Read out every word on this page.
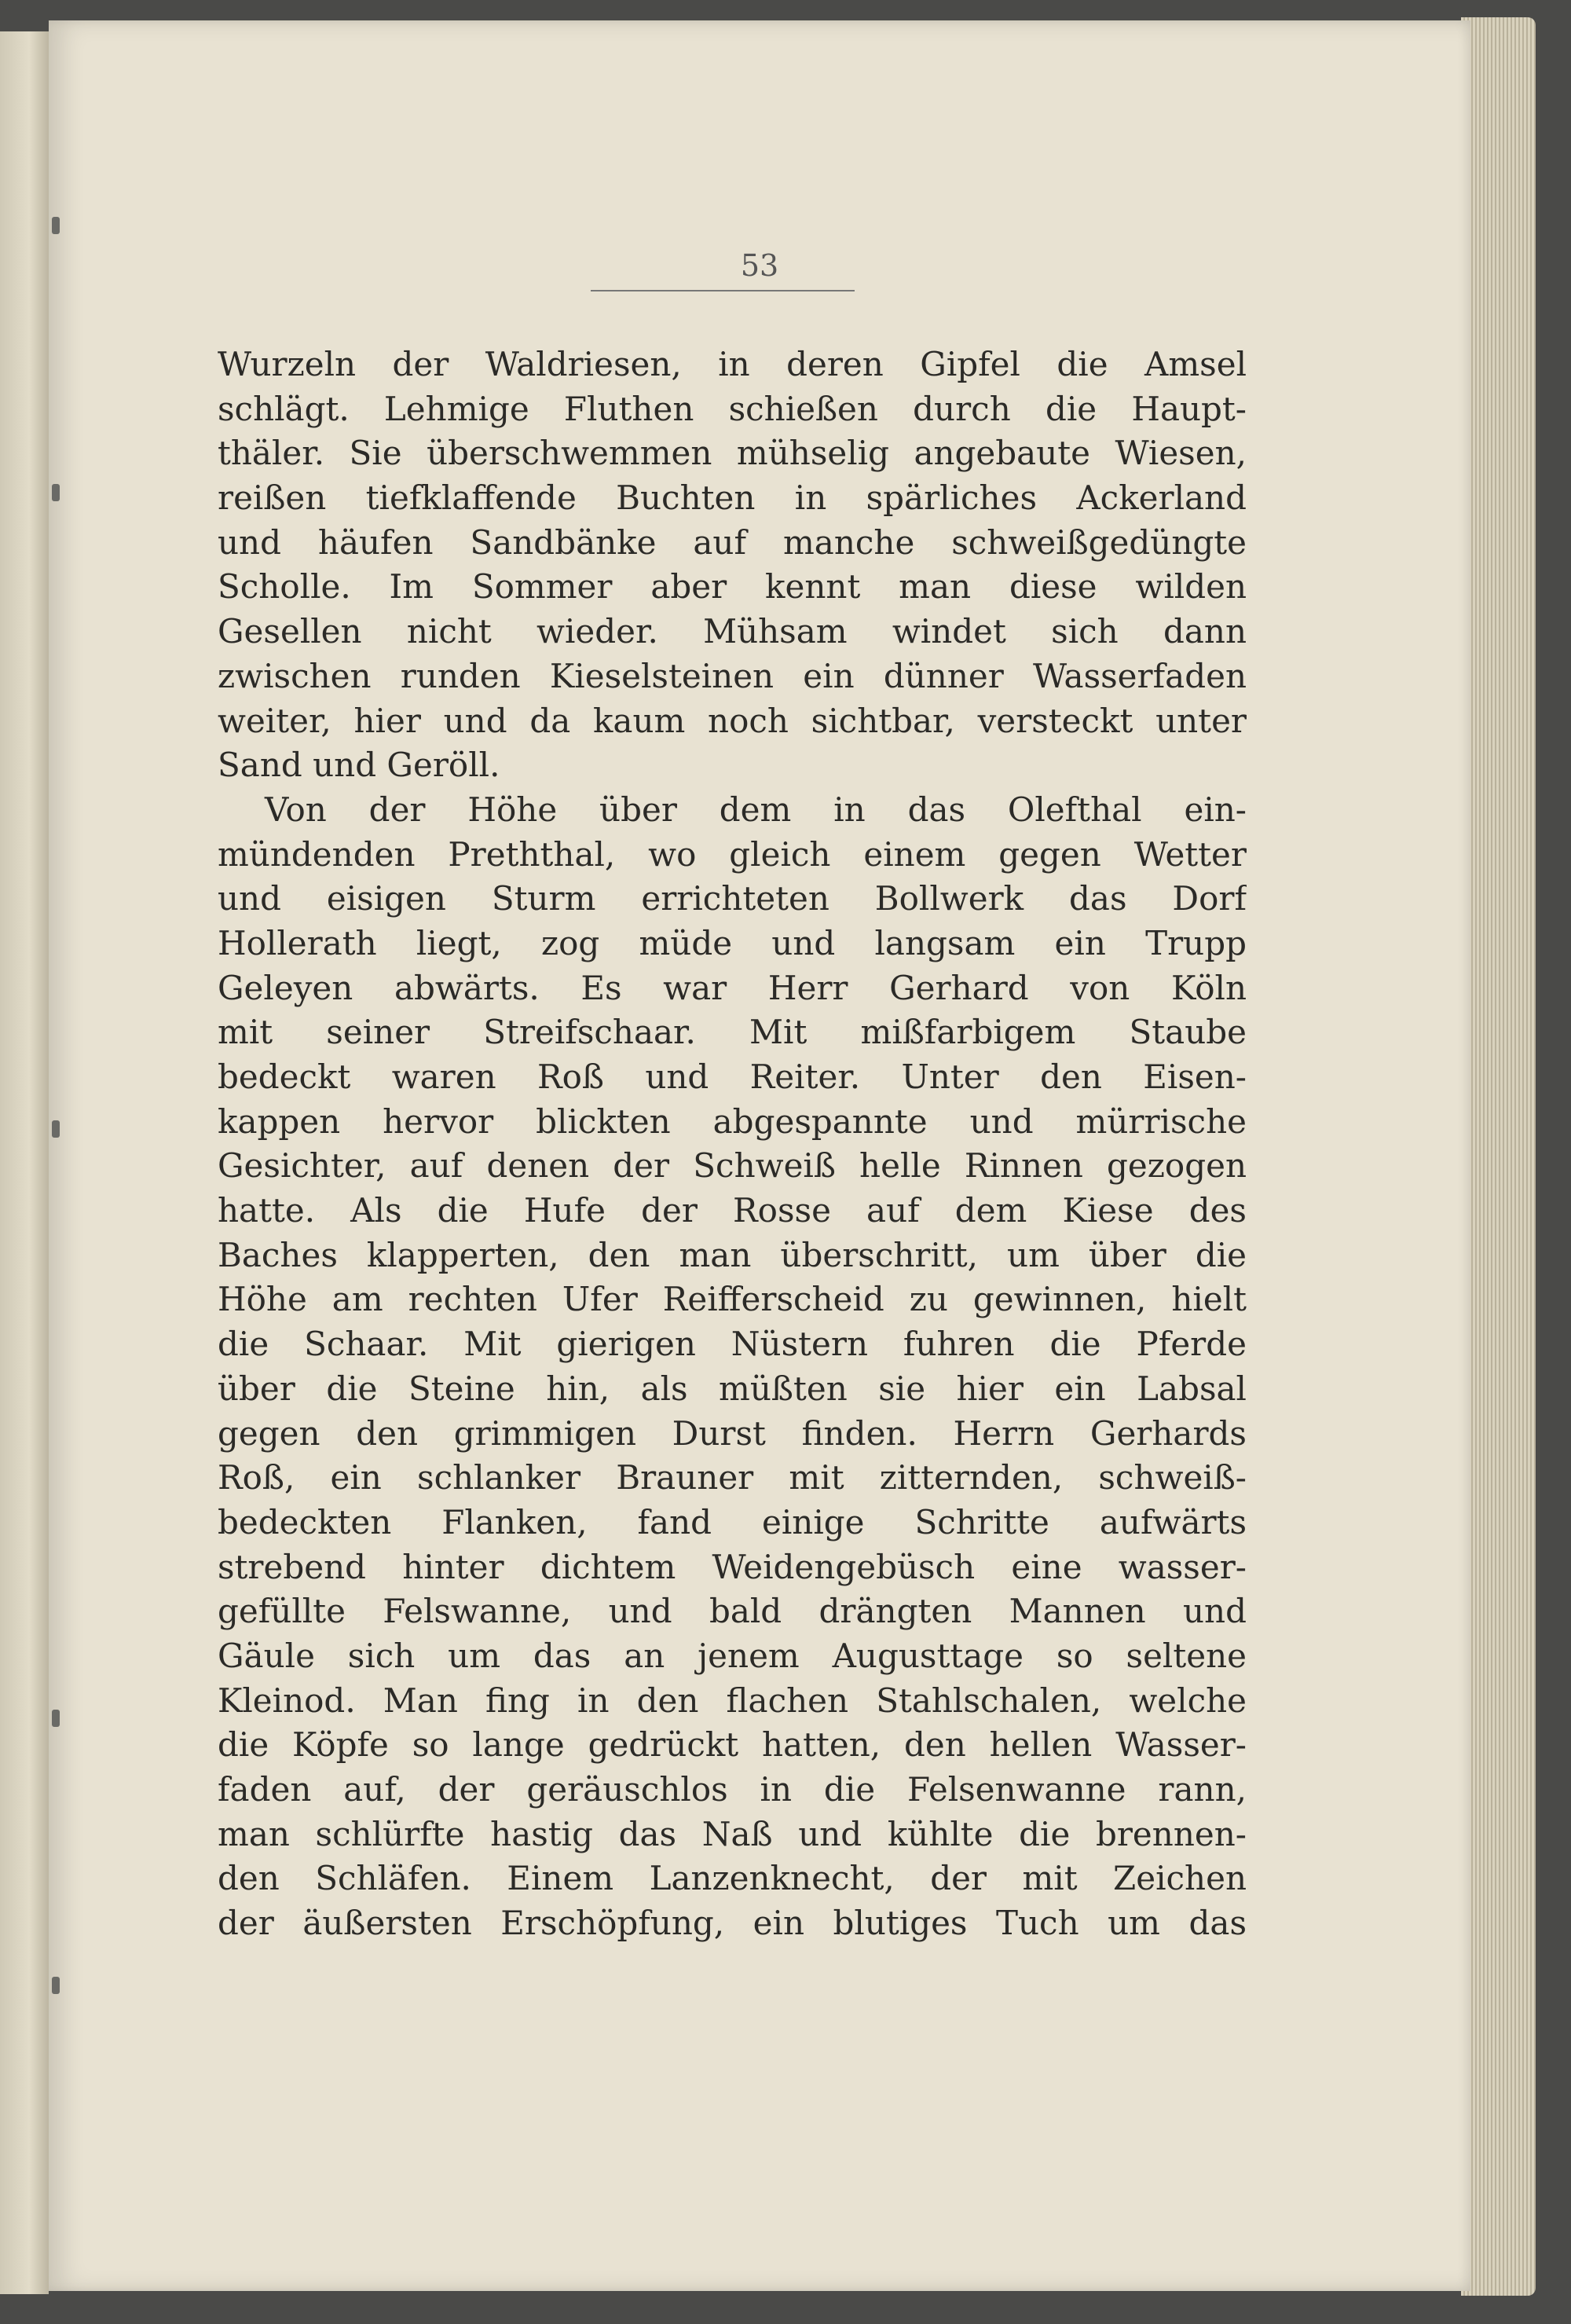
53
Wurzeln der Waldriesen, in deren Gipfel die Amsel
schlägt. Lehmige Fluthen schießen durch die Haupt-
thäler. Sie überschwemmen mühselig angebaute Wiesen,
reißen tiefklaffende Buchten in spärliches Ackerland
und häufen Sandbänke auf manche schweißgedüngte
Scholle. Im Sommer aber kennt man diese wilden
Gesellen nicht wieder. Mühsam windet sich dann
zwischen runden Kieselsteinen ein dünner Wasserfaden
weiter, hier und da kaum noch sichtbar, versteckt unter
Sand und Geröll.
Von der Höhe über dem in das Olefthal ein-
mündenden Preththal, wo gleich einem gegen Wetter
und eisigen Sturm errichteten Bollwerk das Dorf
Hollerath liegt, zog müde und langsam ein Trupp
Geleyen abwärts. Es war Herr Gerhard von Köln
mit seiner Streifschaar. Mit mißfarbigem Staube
bedeckt waren Roß und Reiter. Unter den Eisen-
kappen hervor blickten abgespannte und mürrische
Gesichter, auf denen der Schweiß helle Rinnen gezogen
hatte. Als die Hufe der Rosse auf dem Kiese des
Baches klapperten, den man überschritt, um über die
Höhe am rechten Ufer Reifferscheid zu gewinnen, hielt
die Schaar. Mit gierigen Nüstern fuhren die Pferde
über die Steine hin, als müßten sie hier ein Labsal
gegen den grimmigen Durst finden. Herrn Gerhards
Roß, ein schlanker Brauner mit zitternden, schweiß-
bedeckten Flanken, fand einige Schritte aufwärts
strebend hinter dichtem Weidengebüsch eine wasser-
gefüllte Felswanne, und bald drängten Mannen und
Gäule sich um das an jenem Augusttage so seltene
Kleinod. Man fing in den flachen Stahlschalen, welche
die Köpfe so lange gedrückt hatten, den hellen Wasser-
faden auf, der geräuschlos in die Felsenwanne rann,
man schlürfte hastig das Naß und kühlte die brennen-
den Schläfen. Einem Lanzenknecht, der mit Zeichen
der äußersten Erschöpfung, ein blutiges Tuch um das
